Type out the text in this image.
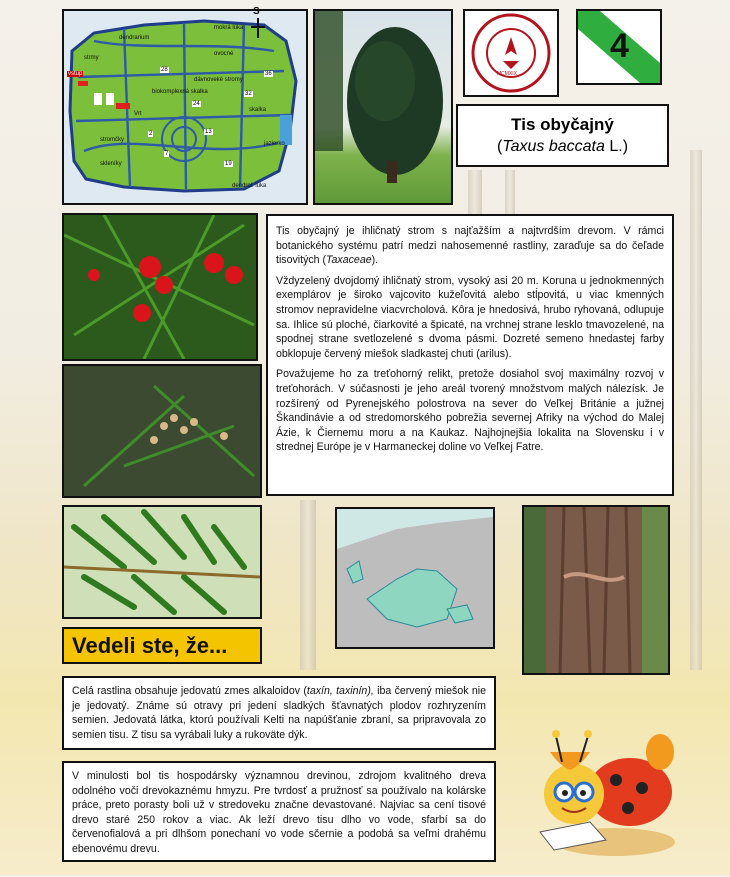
vstup
Vrt
mokrá lúka
skalka
dendrarium
stromčky
biokomplexná skalka
jazierko
dávnoveké stromy
skleníky
ovocné
strmy
dendrol. lúka
2
7
13
19
24
28
32
36
S
MCMXIX
4
Tis obyčajný
(Taxus baccata L.)

Tis obyčajný je ihličnatý strom s najťažším a najtvrdším drevom. V rámci botanického systému patrí medzi nahosemenné rastliny, zaraďuje sa do čeľade tisovitých (Taxaceae).

Vždyzelený dvojdomý ihličnatý strom, vysoký asi 20 m. Koruna u jednokmenných exemplárov je široko vajcovito kužeľovitá alebo stĺpovitá, u viac kmenných stromov nepravidelne viacvrcholová. Kôra je hnedosivá, hrubo ryhovaná, odlupuje sa. Ihlice sú ploché, čiarkovité a špicaté, na vrchnej strane lesklo tmavozelené, na spodnej strane svetlozelené s dvoma pásmi. Dozreté semeno hnedastej farby obklopuje červený miešok sladkastej chuti (arilus).

Považujeme ho za treťohorný relikt, pretože dosiahol svoj maximálny rozvoj v treťohorách. V súčasnosti je jeho areál tvorený množstvom malých nálezísk. Je rozšírený od Pyrenejského polostrova na sever do Veľkej Británie a južnej Škandinávie a od stredomorského pobrežia severnej Afriky na východ do Malej Ázie, k Čiernemu moru a na Kaukaz. Najhojnejšia lokalita na Slovensku i v strednej Európe je v Harmaneckej doline vo Veľkej Fatre.

Vedeli ste, že...

Celá rastlina obsahuje jedovatú zmes alkaloidov (taxín, taxinín), iba červený miešok nie je jedovatý. Známe sú otravy pri jedení sladkých šťavnatých plodov rozhryzením semien. Jedovatá látka, ktorú používali Kelti na napúšťanie zbraní, sa pripravovala zo semien tisu. Z tisu sa vyrábali luky a rukoväte dýk.

V minulosti bol tis hospodársky významnou drevinou, zdrojom kvalitného dreva odolného voči drevokaznému hmyzu. Pre tvrdosť a pružnosť sa používalo na kolárske práce, preto porasty boli už v stredoveku značne devastované. Najviac sa cení tisové drevo staré 250 rokov a viac. Ak leží drevo tisu dlho vo vode, sfarbí sa do červenofialová a pri dlhšom ponechaní vo vode sčernie a podobá sa veľmi drahému ebenovému drevu.
